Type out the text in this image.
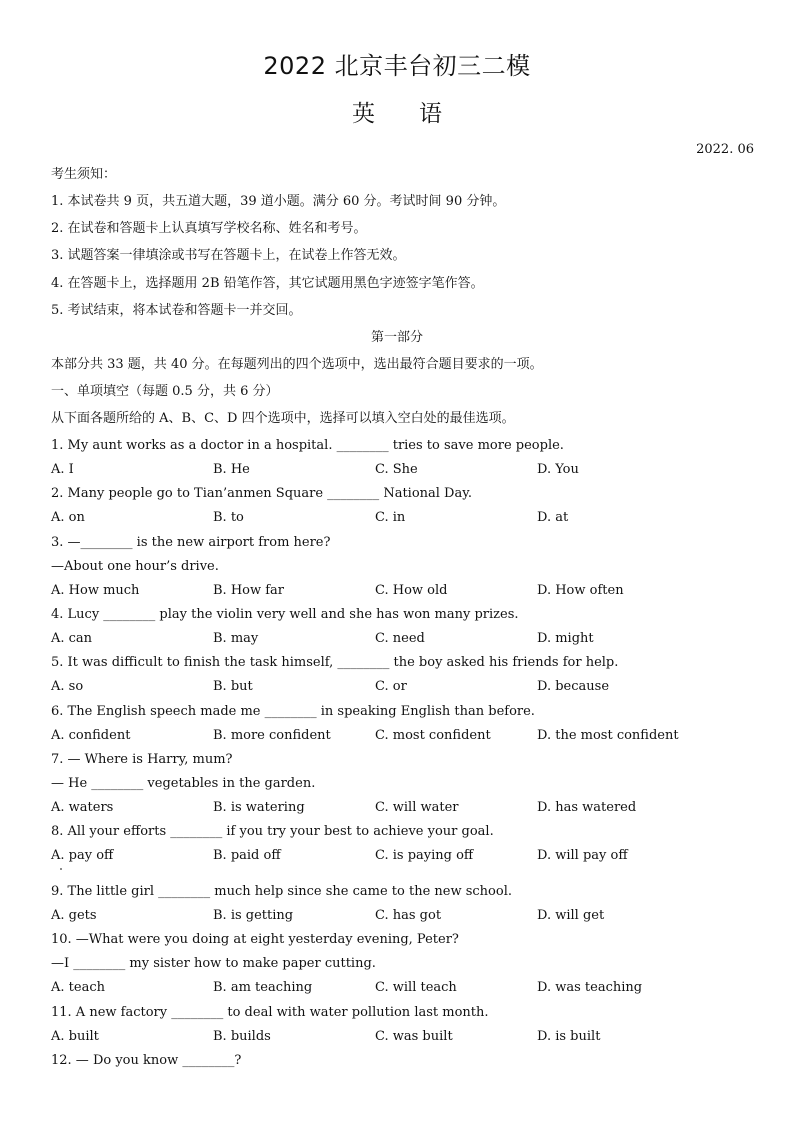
2022 北京丰台初三二模
英语
2022. 06
考生须知：
1. 本试卷共 9 页，共五道大题，39 道小题。满分 60 分。考试时间 90 分钟。
2. 在试卷和答题卡上认真填写学校名称、姓名和考号。
3. 试题答案一律填涂或书写在答题卡上，在试卷上作答无效。
4. 在答题卡上，选择题用 2B 铅笔作答，其它试题用黑色字迹签字笔作答。
5. 考试结束，将本试卷和答题卡一并交回。
第一部分
本部分共 33 题，共 40 分。在每题列出的四个选项中，选出最符合题目要求的一项。
一、单项填空（每题 0.5 分，共 6 分）
从下面各题所给的 A、B、C、D 四个选项中，选择可以填入空白处的最佳选项。
1. My aunt works as a doctor in a hospital. ________ tries to save more people.
A. I	B. He	C. She	D. You
2. Many people go to Tian’anmen Square ________ National Day.
A. on	B. to	C. in	D. at
3. —________ is the new airport from here?
—About one hour’s drive.
A. How much	B. How far	C. How old	D. How often
4. Lucy ________ play the violin very well and she has won many prizes.
A. can	B. may	C. need	D. might
5. It was difficult to finish the task himself, ________ the boy asked his friends for help.
A. so	B. but	C. or	D. because
6. The English speech made me ________ in speaking English than before.
A. confident	B. more confident	C. most confident	D. the most confident
7. — Where is Harry, mum?
— He ________ vegetables in the garden.
A. waters	B. is watering	C. will water	D. has watered
8. All your efforts ________ if you try your best to achieve your goal.
A. pay off	B. paid off	C. is paying off	D. will pay off
9. The little girl ________ much help since she came to the new school.
A. gets	B. is getting	C. has got	D. will get
10. —What were you doing at eight yesterday evening, Peter?
—I ________ my sister how to make paper cutting.
A. teach	B. am teaching	C. will teach	D. was teaching
11. A new factory ________ to deal with water pollution last month.
A. built	B. builds	C. was built	D. is built
12. — Do you know ________?
